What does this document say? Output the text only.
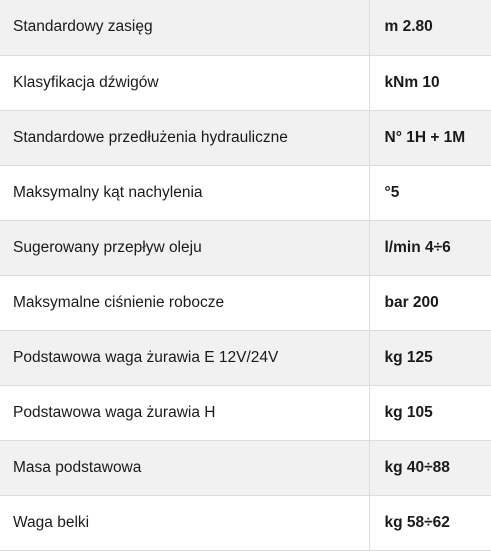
Standardowy zasięg	m 2.80
Klasyfikacja dźwigów	kNm 10
Standardowe przedłużenia hydrauliczne	N° 1H + 1M
Maksymalny kąt nachylenia	°5
Sugerowany przepływ oleju	l/min 4÷6
Maksymalne ciśnienie robocze	bar 200
Podstawowa waga żurawia E 12V/24V	kg 125
Podstawowa waga żurawia H	kg 105
Masa podstawowa	kg 40÷88
Waga belki	kg 58÷62
